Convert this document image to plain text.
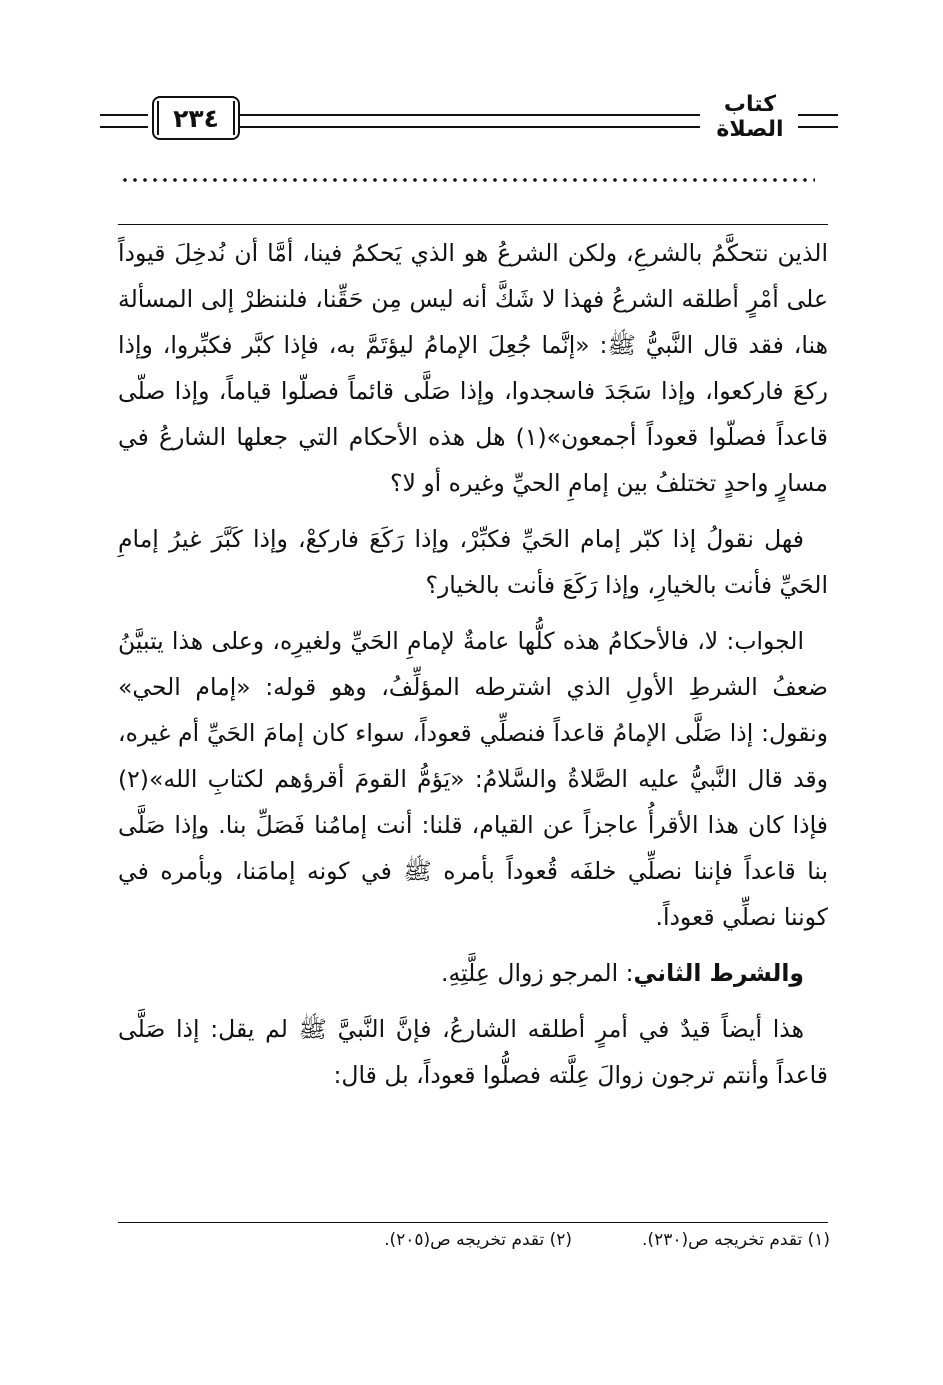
٢٣٤	كتاب الصلاة

الذين نتحكَّمُ بالشرعِ، ولكن الشرعُ هو الذي يَحكمُ فينا، أمَّا أن نُدخِلَ قيوداً على أمْرٍ أطلقه الشرعُ فهذا لا شَكَّ أنه ليس مِن حَقِّنا، فلننظرْ إلى المسألة هنا، فقد قال النَّبيُّ ﷺ: «إنَّما جُعِلَ الإمامُ ليؤتَمَّ به، فإذا كبَّر فكبِّروا، وإذا ركعَ فاركعوا، وإذا سَجَدَ فاسجدوا، وإذا صَلَّى قائماً فصلّوا قياماً، وإذا صلّى قاعداً فصلّوا قعوداً أجمعون»(١) هل هذه الأحكام التي جعلها الشارعُ في مسارٍ واحدٍ تختلفُ بين إمامِ الحيِّ وغيره أو لا؟

فهل نقولُ إذا كبّر إمام الحَيِّ فكبِّرْ، وإذا رَكَعَ فاركعْ، وإذا كَبَّرَ غيرُ إمامِ الحَيِّ فأنت بالخيارِ، وإذا رَكَعَ فأنت بالخيار؟

الجواب: لا، فالأحكامُ هذه كلُّها عامةٌ لإمامِ الحَيِّ ولغيرِه، وعلى هذا يتبيَّنُ ضعفُ الشرطِ الأولِ الذي اشترطه المؤلِّفُ، وهو قوله: «إمام الحي» ونقول: إذا صَلَّى الإمامُ قاعداً فنصلِّي قعوداً، سواء كان إمامَ الحَيِّ أم غيره، وقد قال النَّبيُّ عليه الصَّلاةُ والسَّلامُ: «يَؤمُّ القومَ أقرؤهم لكتابِ الله»(٢) فإذا كان هذا الأقرأُ عاجزاً عن القيام، قلنا: أنت إمامُنا فَصَلِّ بنا. وإذا صَلَّى بنا قاعداً فإننا نصلِّي خلفَه قُعوداً بأمره ﷺ في كونه إمامَنا، وبأمره في كوننا نصلِّي قعوداً.

والشرط الثاني: المرجو زوال عِلَّتِهِ.

هذا أيضاً قيدٌ في أمرٍ أطلقه الشارعُ، فإنَّ النَّبيَّ ﷺ لم يقل: إذا صَلَّى قاعداً وأنتم ترجون زوالَ عِلَّته فصلُّوا قعوداً، بل قال:

(١) تقدم تخريجه ص(٢٣٠).
(٢) تقدم تخريجه ص(٢٠٥).
